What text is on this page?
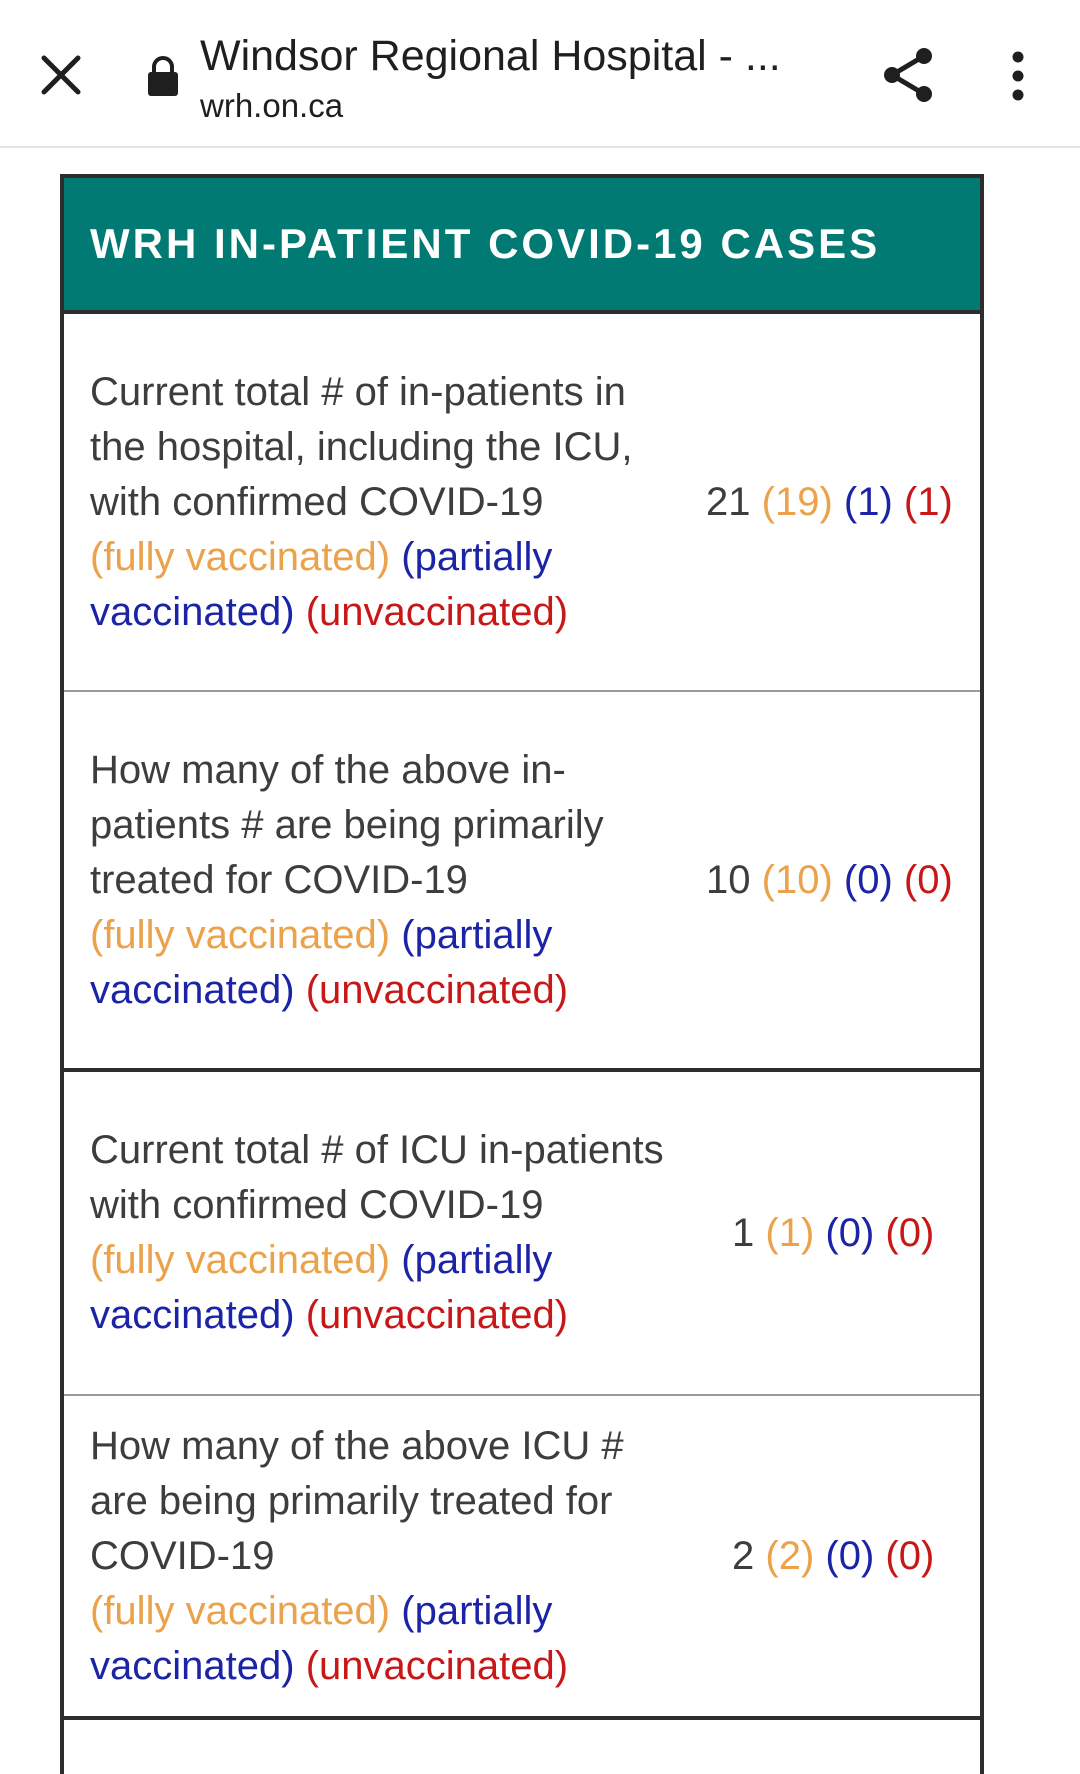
Windsor Regional Hospital - ...
wrh.on.ca
WRH IN-PATIENT COVID-19 CASES
Current total # of in-patients in the hospital, including the ICU, with confirmed COVID-19
(fully vaccinated) (partially vaccinated) (unvaccinated)
21 (19) (1) (1)
How many of the above in-patients # are being primarily treated for COVID-19
(fully vaccinated) (partially vaccinated) (unvaccinated)
10 (10) (0) (0)
Current total # of ICU in-patients with confirmed COVID-19
(fully vaccinated) (partially vaccinated) (unvaccinated)
1 (1) (0) (0)
How many of the above ICU # are being primarily treated for COVID-19
(fully vaccinated) (partially vaccinated) (unvaccinated)
2 (2) (0) (0)
